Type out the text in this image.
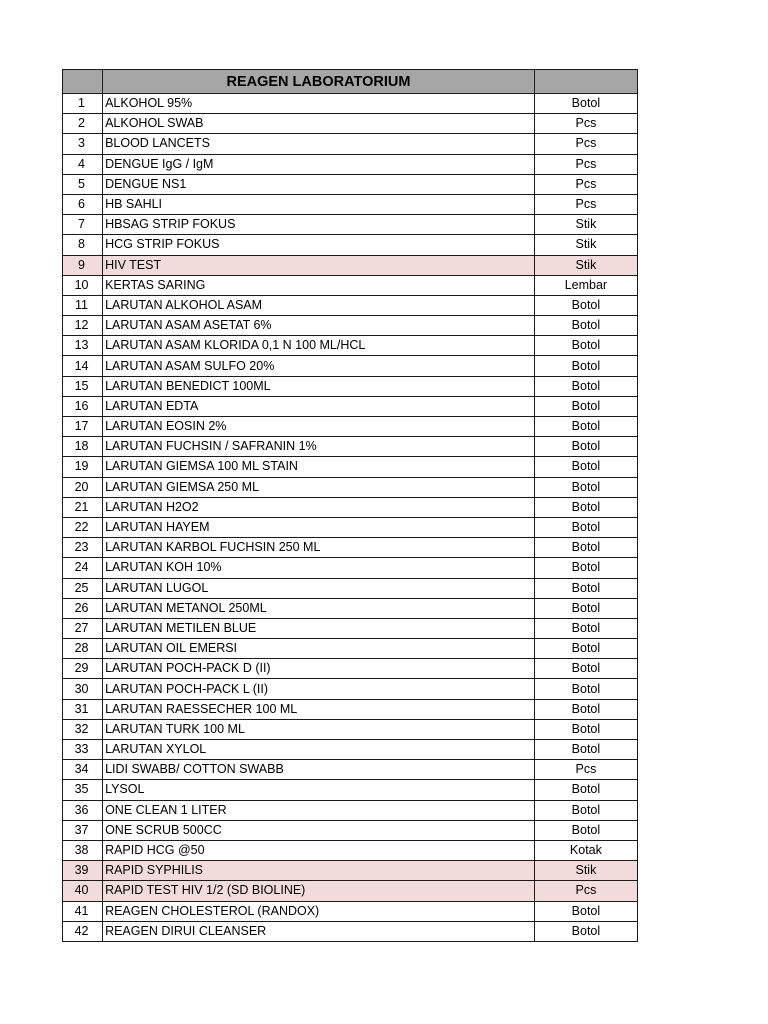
	REAGEN LABORATORIUM	
1	ALKOHOL 95%	Botol
2	ALKOHOL SWAB	Pcs
3	BLOOD LANCETS	Pcs
4	DENGUE IgG / IgM	Pcs
5	DENGUE NS1	Pcs
6	HB SAHLI	Pcs
7	HBSAG STRIP FOKUS	Stik
8	HCG STRIP FOKUS	Stik
9	HIV TEST	Stik
10	KERTAS SARING	Lembar
11	LARUTAN ALKOHOL ASAM	Botol
12	LARUTAN ASAM ASETAT 6%	Botol
13	LARUTAN ASAM KLORIDA 0,1 N 100 ML/HCL	Botol
14	LARUTAN ASAM SULFO 20%	Botol
15	LARUTAN BENEDICT 100ML	Botol
16	LARUTAN EDTA	Botol
17	LARUTAN EOSIN 2%	Botol
18	LARUTAN FUCHSIN / SAFRANIN 1%	Botol
19	LARUTAN GIEMSA 100 ML STAIN	Botol
20	LARUTAN GIEMSA 250 ML	Botol
21	LARUTAN H2O2	Botol
22	LARUTAN HAYEM	Botol
23	LARUTAN KARBOL FUCHSIN 250 ML	Botol
24	LARUTAN KOH 10%	Botol
25	LARUTAN LUGOL	Botol
26	LARUTAN METANOL 250ML	Botol
27	LARUTAN METILEN BLUE	Botol
28	LARUTAN OIL EMERSI	Botol
29	LARUTAN POCH-PACK D (II)	Botol
30	LARUTAN POCH-PACK L (II)	Botol
31	LARUTAN RAESSECHER 100 ML	Botol
32	LARUTAN TURK 100 ML	Botol
33	LARUTAN XYLOL	Botol
34	LIDI SWABB/ COTTON SWABB	Pcs
35	LYSOL	Botol
36	ONE CLEAN 1 LITER	Botol
37	ONE SCRUB 500CC	Botol
38	RAPID HCG @50	Kotak
39	RAPID SYPHILIS	Stik
40	RAPID TEST HIV 1/2 (SD BIOLINE)	Pcs
41	REAGEN CHOLESTEROL (RANDOX)	Botol
42	REAGEN DIRUI CLEANSER	Botol
